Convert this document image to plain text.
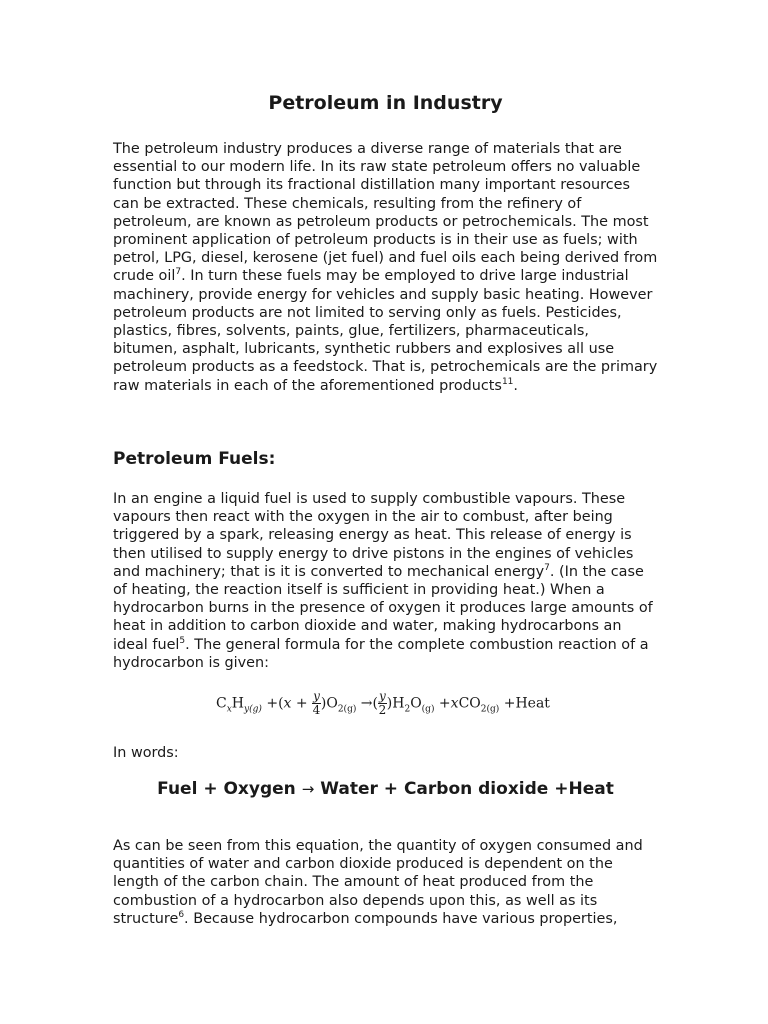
Petroleum in Industry

The petroleum industry produces a diverse range of materials that are essential to our modern life. In its raw state petroleum offers no valuable function but through its fractional distillation many important resources can be extracted. These chemicals, resulting from the refinery of petroleum, are known as petroleum products or petrochemicals. The most prominent application of petroleum products is in their use as fuels; with petrol, LPG, diesel, kerosene (jet fuel) and fuel oils each being derived from crude oil$^7$. In turn these fuels may be employed to drive large industrial machinery, provide energy for vehicles and supply basic heating. However petroleum products are not limited to serving only as fuels. Pesticides, plastics, fibres, solvents, paints, glue, fertilizers, pharmaceuticals, bitumen, asphalt, lubricants, synthetic rubbers and explosives all use petroleum products as a feedstock. That is, petrochemicals are the primary raw materials in each of the aforementioned products$^{11}$.

Petroleum Fuels:

In an engine a liquid fuel is used to supply combustible vapours. These vapours then react with the oxygen in the air to combust, after being triggered by a spark, releasing energy as heat. This release of energy is then utilised to supply energy to drive pistons in the engines of vehicles and machinery; that is it is converted to mechanical energy$^7$. (In the case of heating, the reaction itself is sufficient in providing heat.) When a hydrocarbon burns in the presence of oxygen it produces large amounts of heat in addition to carbon dioxide and water, making hydrocarbons an ideal fuel$^5$. The general formula for the complete combustion reaction of a hydrocarbon is given:

$C_xH_{y(g)} +(x + \frac{y}{4} )O_{2(g)}$ →( $\frac{y}{2} )H_2O_{(g)} +xCO_{2(g)}$ +Heat

In words:

Fuel + Oxygen → Water + Carbon dioxide +Heat

As can be seen from this equation, the quantity of oxygen consumed and quantities of water and carbon dioxide produced is dependent on the length of the carbon chain. The amount of heat produced from the combustion of a hydrocarbon also depends upon this, as well as its structure$^6$. Because hydrocarbon compounds have various properties,
